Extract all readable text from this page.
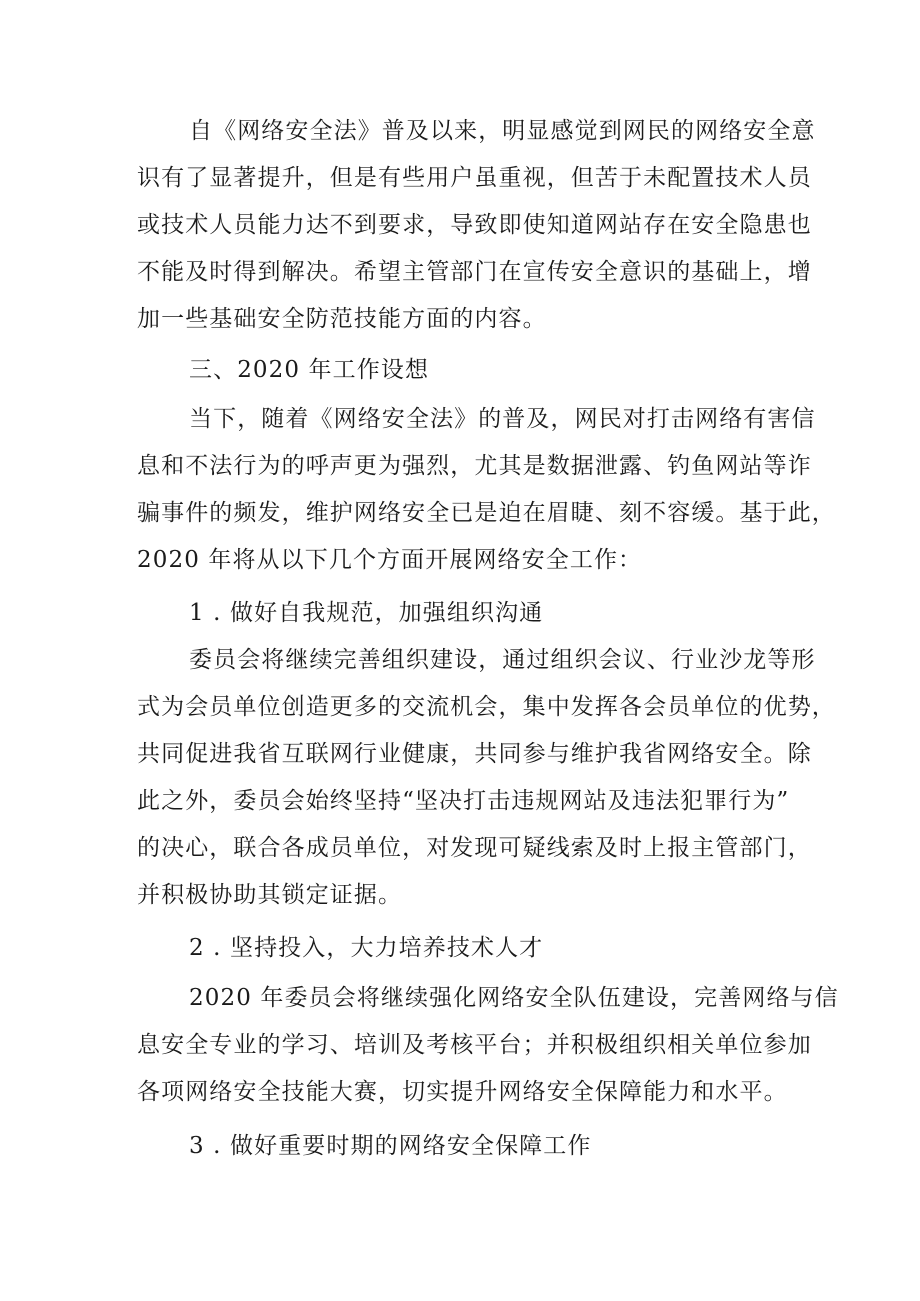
自《网络安全法》普及以来，明显感觉到网民的网络安全意
识有了显著提升，但是有些用户虽重视，但苦于未配置技术人员
或技术人员能力达不到要求，导致即使知道网站存在安全隐患也
不能及时得到解决。希望主管部门在宣传安全意识的基础上，增
加一些基础安全防范技能方面的内容。
三、2020 年工作设想
当下，随着《网络安全法》的普及，网民对打击网络有害信
息和不法行为的呼声更为强烈，尤其是数据泄露、钓鱼网站等诈
骗事件的频发，维护网络安全已是迫在眉睫、刻不容缓。基于此，
2020 年将从以下几个方面开展网络安全工作：
1 . 做好自我规范，加强组织沟通
委员会将继续完善组织建设，通过组织会议、行业沙龙等形
式为会员单位创造更多的交流机会，集中发挥各会员单位的优势，
共同促进我省互联网行业健康，共同参与维护我省网络安全。除
此之外，委员会始终坚持“坚决打击违规网站及违法犯罪行为”
的决心，联合各成员单位，对发现可疑线索及时上报主管部门，
并积极协助其锁定证据。
2 . 坚持投入，大力培养技术人才
2020 年委员会将继续强化网络安全队伍建设，完善网络与信
息安全专业的学习、培训及考核平台；并积极组织相关单位参加
各项网络安全技能大赛，切实提升网络安全保障能力和水平。
3 . 做好重要时期的网络安全保障工作
